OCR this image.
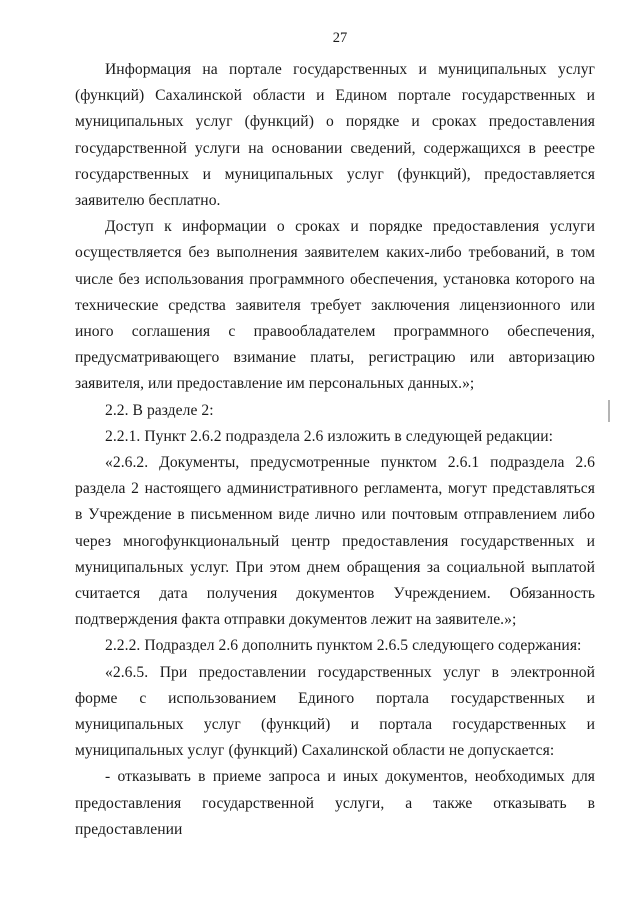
27

Информация на портале государственных и муниципальных услуг (функций) Сахалинской области и Едином портале государственных и муниципальных услуг (функций) о порядке и сроках предоставления государственной услуги на основании сведений, содержащихся в реестре государственных и муниципальных услуг (функций), предоставляется заявителю бесплатно.

Доступ к информации о сроках и порядке предоставления услуги осуществляется без выполнения заявителем каких-либо требований, в том числе без использования программного обеспечения, установка которого на технические средства заявителя требует заключения лицензионного или иного соглашения с правообладателем программного обеспечения, предусматривающего взимание платы, регистрацию или авторизацию заявителя, или предоставление им персональных данных.»;

2.2. В разделе 2:

2.2.1. Пункт 2.6.2 подраздела 2.6 изложить в следующей редакции:

«2.6.2. Документы, предусмотренные пунктом 2.6.1 подраздела 2.6 раздела 2 настоящего административного регламента, могут представляться в Учреждение в письменном виде лично или почтовым отправлением либо через многофункциональный центр предоставления государственных и муниципальных услуг. При этом днем обращения за социальной выплатой считается дата получения документов Учреждением. Обязанность подтверждения факта отправки документов лежит на заявителе.»;

2.2.2. Подраздел 2.6 дополнить пунктом 2.6.5 следующего содержания:

«2.6.5. При предоставлении государственных услуг в электронной форме с использованием Единого портала государственных и муниципальных услуг (функций) и портала государственных и муниципальных услуг (функций) Сахалинской области не допускается:

- отказывать в приеме запроса и иных документов, необходимых для предоставления государственной услуги, а также отказывать в предоставлении
